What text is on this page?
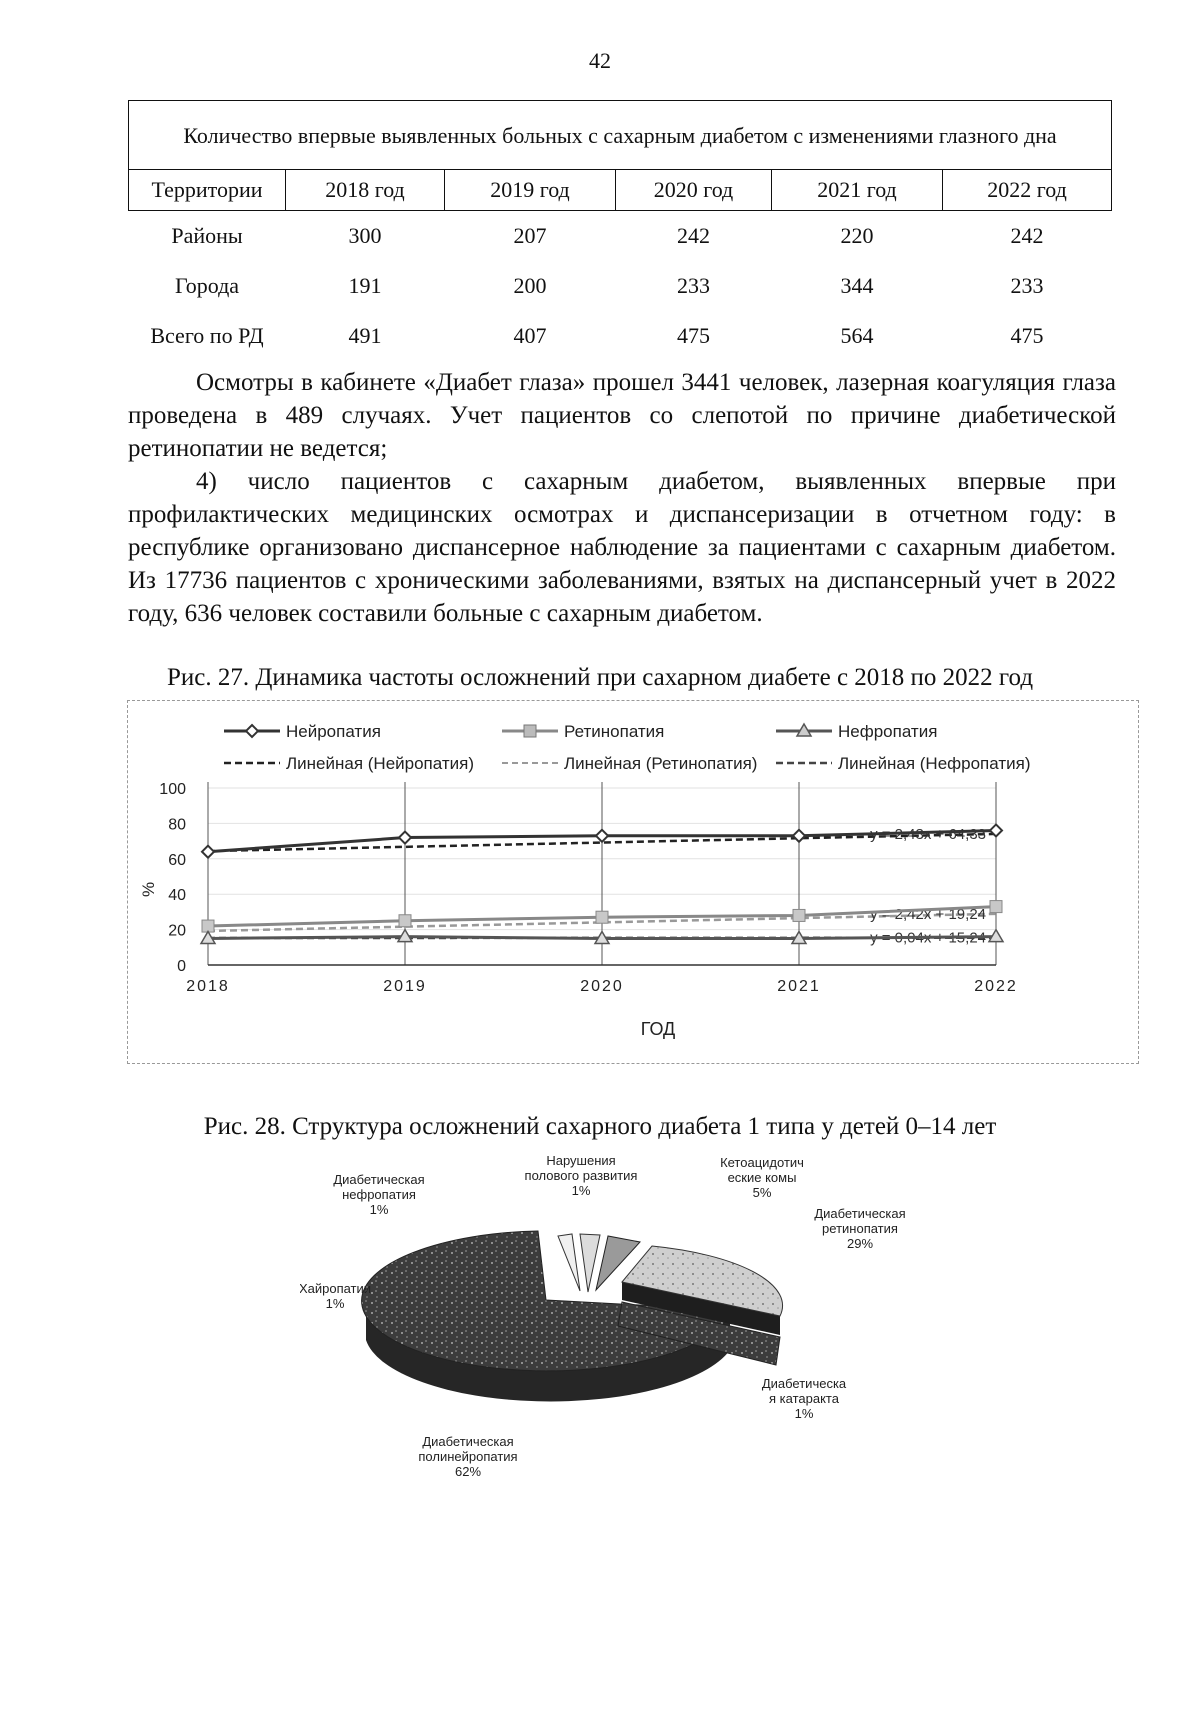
42
Количество впервые выявленных больных с сахарным диабетом с изменениями глазного дна					
Территории	2018 год	2019 год	2020 год	2021 год	2022 год
Районы	300	207	242	220	242
Города	191	200	233	344	233
Всего по РД	491	407	475	564	475
Осмотры в кабинете «Диабет глаза» прошел 3441 человек, лазерная коагуляция глаза проведена в 489 случаях. Учет пациентов со слепотой по причине диабетической ретинопатии не ведется;
4) число пациентов с сахарным диабетом, выявленных впервые при профилактических медицинских осмотрах и диспансеризации в отчетном году: в республике организовано диспансерное наблюдение за пациентами с сахарным диабетом. Из 17736 пациентов с хроническими заболеваниями, взятых на диспансерный учет в 2022 году, 636 человек составили больные с сахарным диабетом.
Рис. 27. Динамика частоты осложнений при сахарном диабете с 2018 по 2022 год
Нейропатия	Ретинопатия	Нефропатия
Линейная (Нейропатия)	Линейная (Ретинопатия)	Линейная (Нефропатия)
y = 2,43x + 64,33
y = 2,42x + 19,24
y = 0,04x + 15,24
0
20
40
60
80
100
2018	2019	2020	2021	2022
%
ГОД
Рис. 28. Структура осложнений сахарного диабета 1 типа у детей 0–14 лет
Диабетическая
нефропатия
1%
Нарушения
полового развития
1%
Кетоацидотич
еские комы
5%
Диабетическая
ретинопатия
29%
Хайропатии
1%
Диабетическа
я катаракта
1%
Диабетическая
полинейропатия
62%
